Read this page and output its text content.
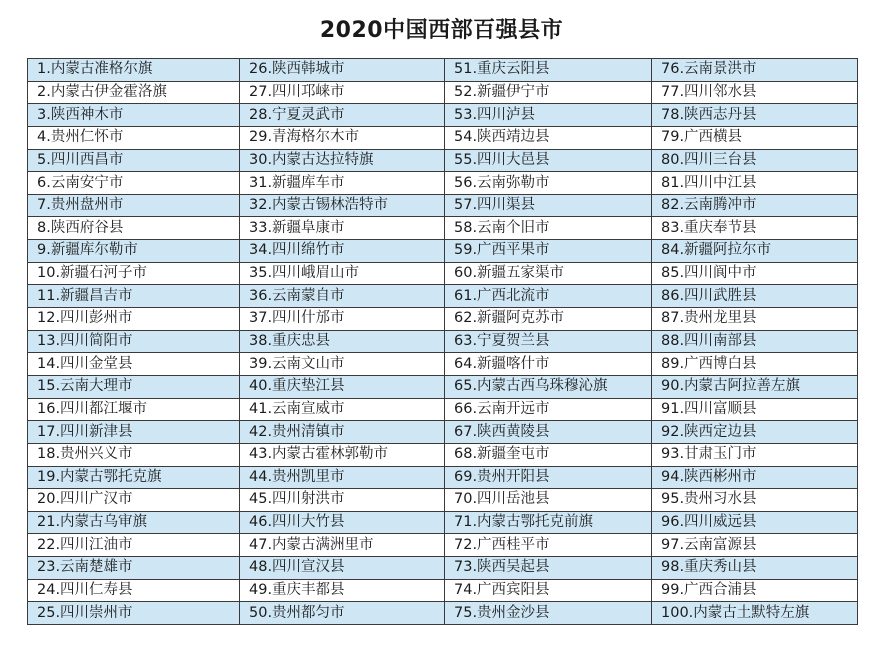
2020中国西部百强县市
1.内蒙古准格尔旗	26.陕西韩城市	51.重庆云阳县	76.云南景洪市
2.内蒙古伊金霍洛旗	27.四川邛崃市	52.新疆伊宁市	77.四川邻水县
3.陕西神木市	28.宁夏灵武市	53.四川泸县	78.陕西志丹县
4.贵州仁怀市	29.青海格尔木市	54.陕西靖边县	79.广西横县
5.四川西昌市	30.内蒙古达拉特旗	55.四川大邑县	80.四川三台县
6.云南安宁市	31.新疆库车市	56.云南弥勒市	81.四川中江县
7.贵州盘州市	32.内蒙古锡林浩特市	57.四川渠县	82.云南腾冲市
8.陕西府谷县	33.新疆阜康市	58.云南个旧市	83.重庆奉节县
9.新疆库尔勒市	34.四川绵竹市	59.广西平果市	84.新疆阿拉尔市
10.新疆石河子市	35.四川峨眉山市	60.新疆五家渠市	85.四川阆中市
11.新疆昌吉市	36.云南蒙自市	61.广西北流市	86.四川武胜县
12.四川彭州市	37.四川什邡市	62.新疆阿克苏市	87.贵州龙里县
13.四川简阳市	38.重庆忠县	63.宁夏贺兰县	88.四川南部县
14.四川金堂县	39.云南文山市	64.新疆喀什市	89.广西博白县
15.云南大理市	40.重庆垫江县	65.内蒙古西乌珠穆沁旗	90.内蒙古阿拉善左旗
16.四川都江堰市	41.云南宣威市	66.云南开远市	91.四川富顺县
17.四川新津县	42.贵州清镇市	67.陕西黄陵县	92.陕西定边县
18.贵州兴义市	43.内蒙古霍林郭勒市	68.新疆奎屯市	93.甘肃玉门市
19.内蒙古鄂托克旗	44.贵州凯里市	69.贵州开阳县	94.陕西彬州市
20.四川广汉市	45.四川射洪市	70.四川岳池县	95.贵州习水县
21.内蒙古乌审旗	46.四川大竹县	71.内蒙古鄂托克前旗	96.四川威远县
22.四川江油市	47.内蒙古满洲里市	72.广西桂平市	97.云南富源县
23.云南楚雄市	48.四川宣汉县	73.陕西吴起县	98.重庆秀山县
24.四川仁寿县	49.重庆丰都县	74.广西宾阳县	99.广西合浦县
25.四川崇州市	50.贵州都匀市	75.贵州金沙县	100.内蒙古土默特左旗
